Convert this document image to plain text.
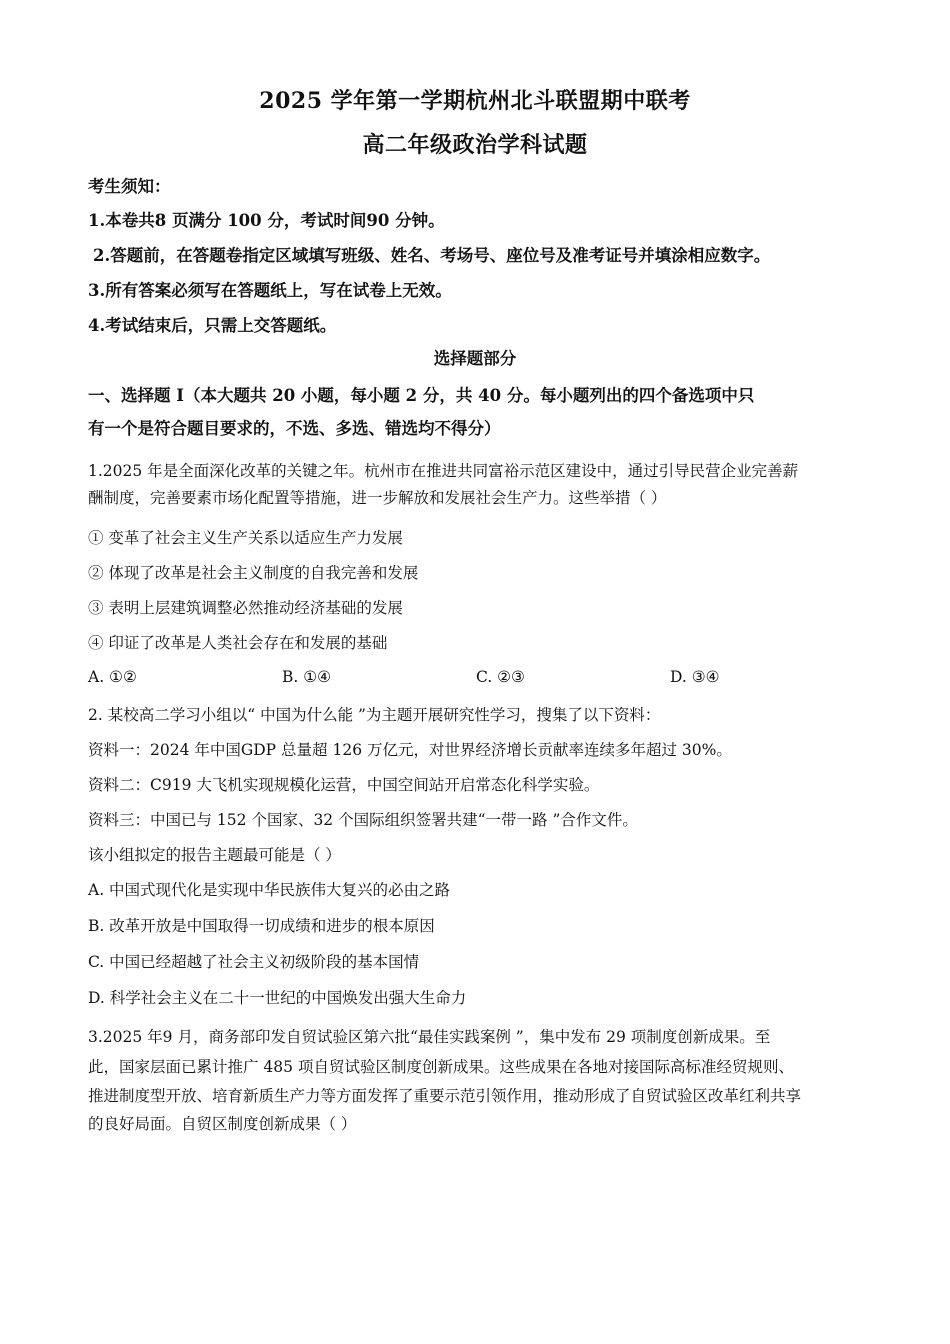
2025 学年第一学期杭州北斗联盟期中联考
高二年级政治学科试题
考生须知：
1.本卷共8 页满分 100 分，考试时间90 分钟。
2.答题前，在答题卷指定区域填写班级、姓名、考场号、座位号及准考证号并填涂相应数字。
3.所有答案必须写在答题纸上，写在试卷上无效。
4.考试结束后，只需上交答题纸。
选择题部分
一、选择题 I（本大题共 20 小题，每小题 2 分，共 40 分。每小题列出的四个备选项中只
有一个是符合题目要求的，不选、多选、错选均不得分）
1.2025 年是全面深化改革的关键之年。杭州市在推进共同富裕示范区建设中，通过引导民营企业完善薪
酬制度，完善要素市场化配置等措施，进一步解放和发展社会生产力。这些举措（ ）
① 变革了社会主义生产关系以适应生产力发展
② 体现了改革是社会主义制度的自我完善和发展
③ 表明上层建筑调整必然推动经济基础的发展
④ 印证了改革是人类社会存在和发展的基础
A. ①②	B. ①④	C. ②③	D. ③④
2. 某校高二学习小组以“ 中国为什么能 ”为主题开展研究性学习，搜集了以下资料：
资料一：2024 年中国GDP 总量超 126 万亿元，对世界经济增长贡献率连续多年超过 30%。
资料二：C919 大飞机实现规模化运营，中国空间站开启常态化科学实验。
资料三：中国已与 152 个国家、32 个国际组织签署共建“一带一路 ”合作文件。
该小组拟定的报告主题最可能是（ ）
A. 中国式现代化是实现中华民族伟大复兴的必由之路
B. 改革开放是中国取得一切成绩和进步的根本原因
C. 中国已经超越了社会主义初级阶段的基本国情
D. 科学社会主义在二十一世纪的中国焕发出强大生命力
3.2025 年9 月，商务部印发自贸试验区第六批“最佳实践案例 ”，集中发布 29 项制度创新成果。至
此，国家层面已累计推广 485 项自贸试验区制度创新成果。这些成果在各地对接国际高标准经贸规则、
推进制度型开放、培育新质生产力等方面发挥了重要示范引领作用，推动形成了自贸试验区改革红利共享
的良好局面。自贸区制度创新成果（ ）
